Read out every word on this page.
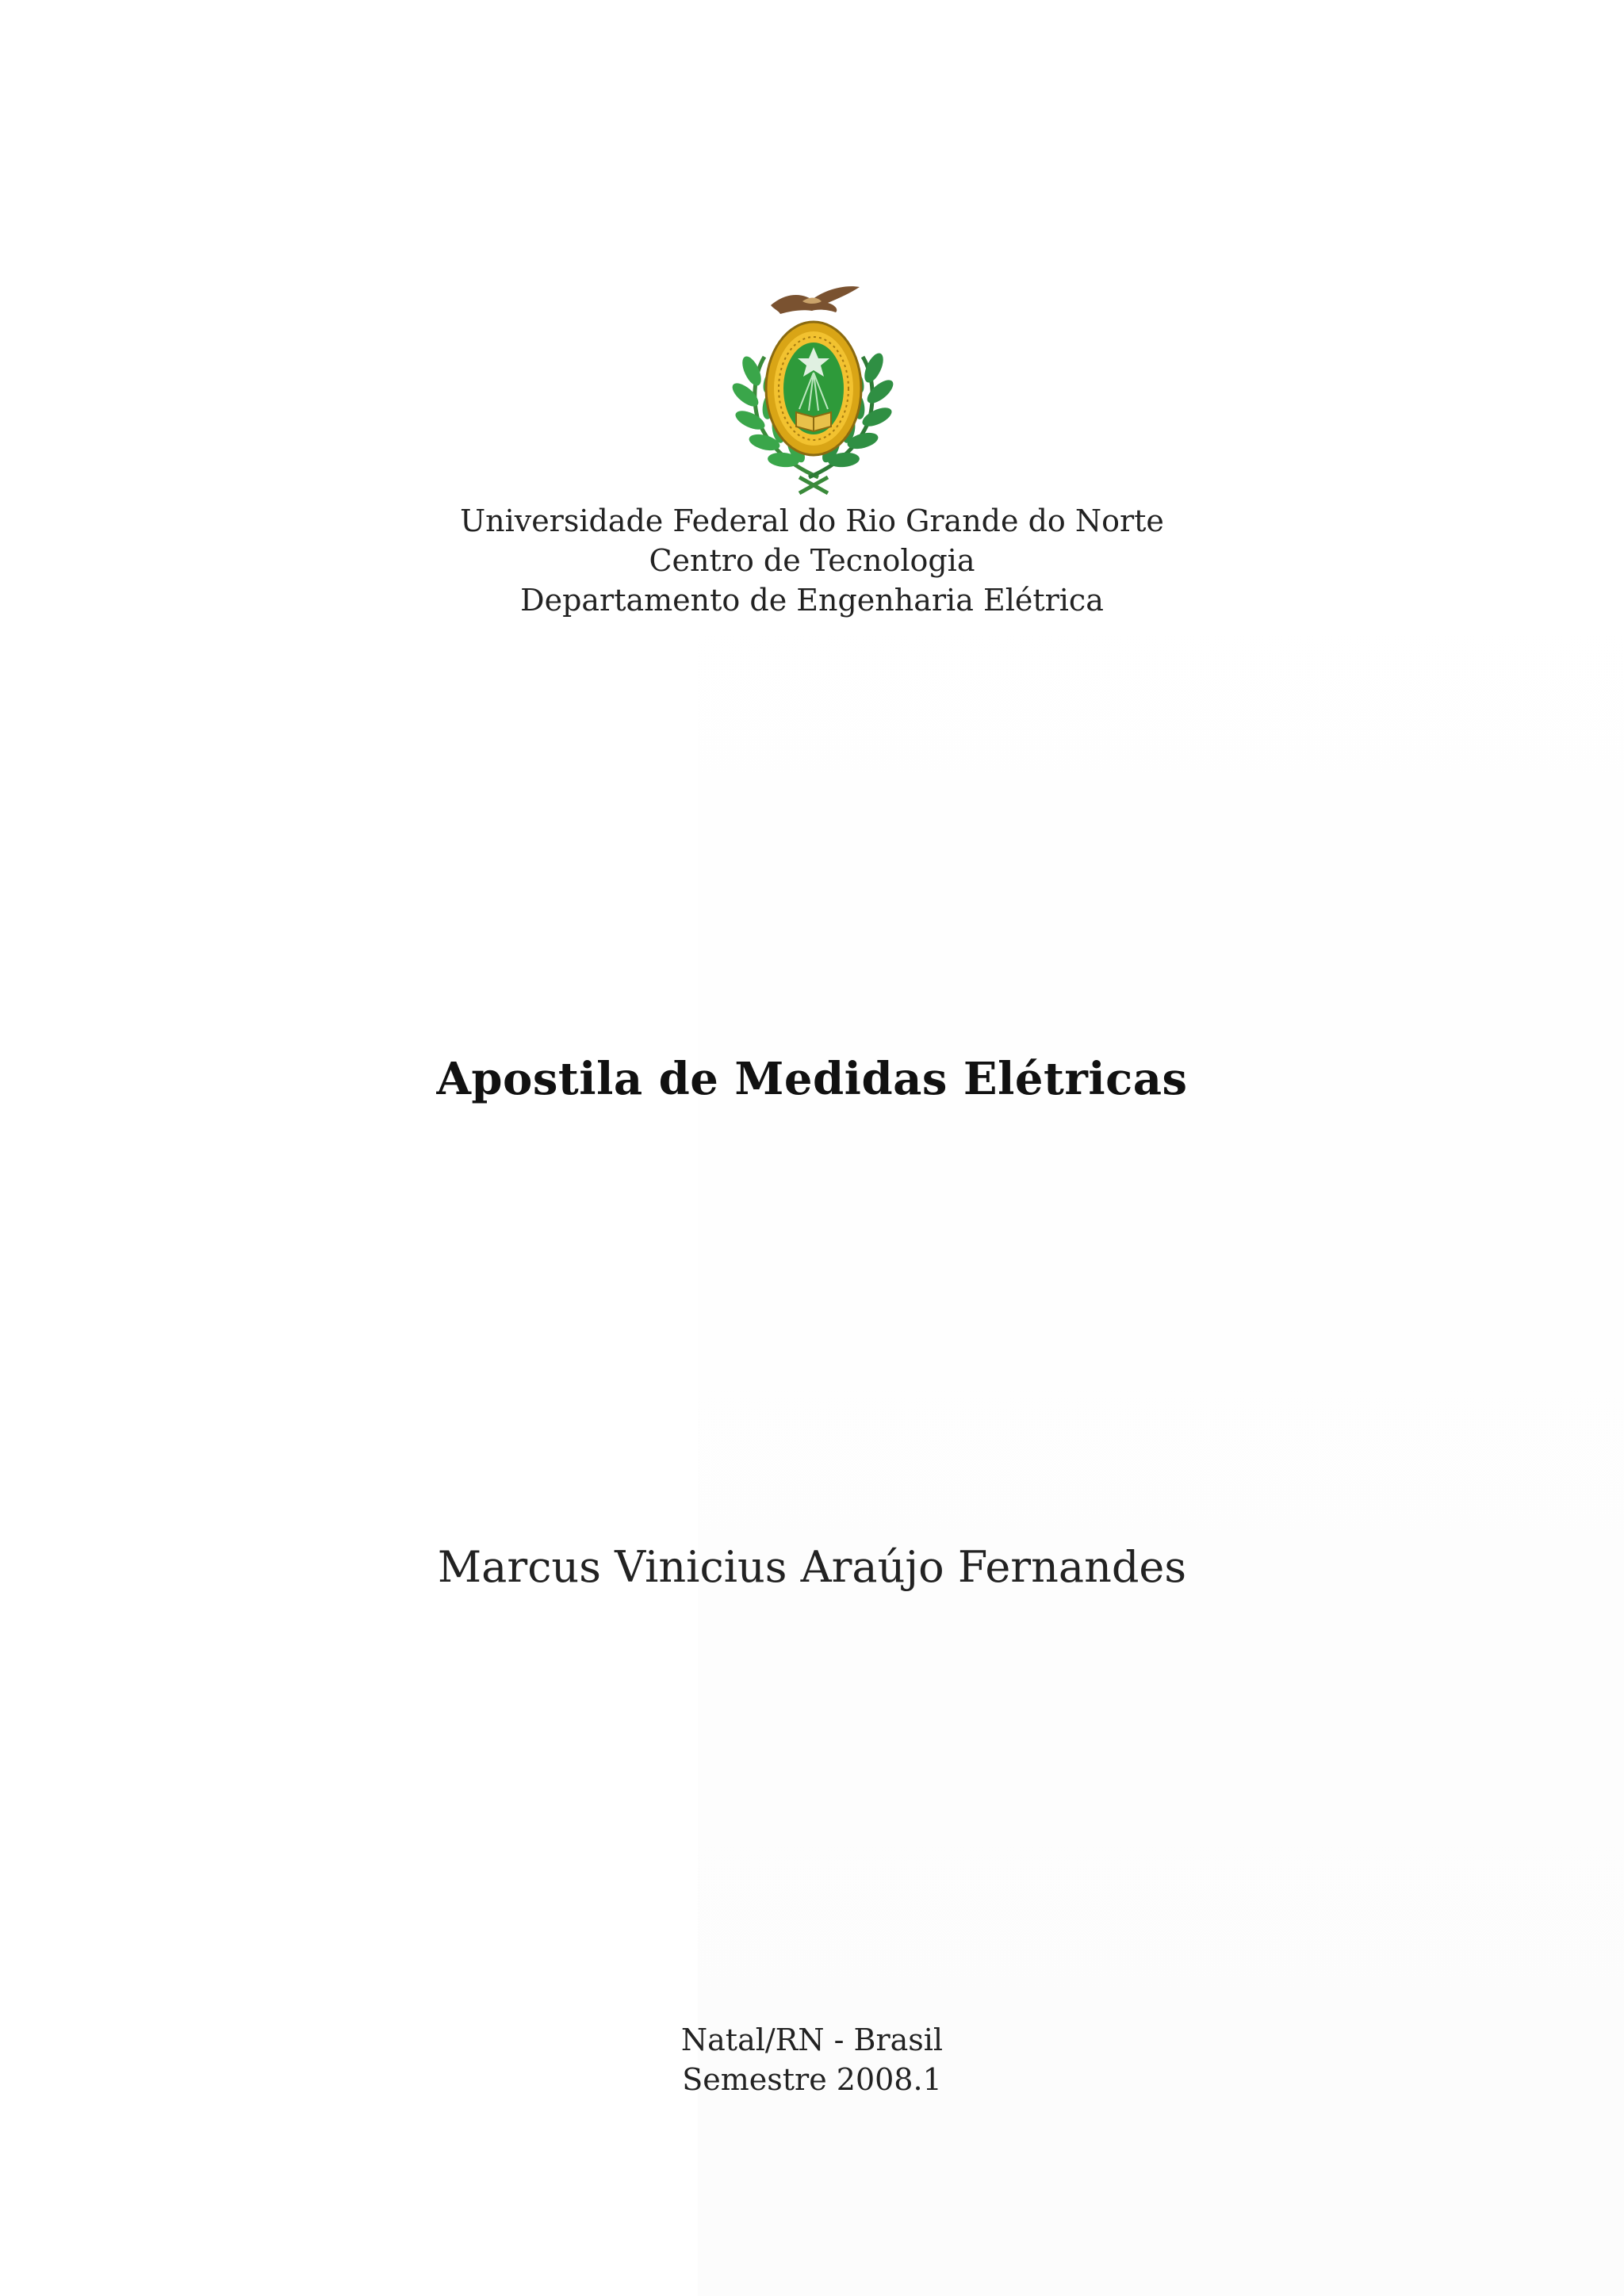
Universidade Federal do Rio Grande do Norte
Centro de Tecnologia
Departamento de Engenharia Elétrica
Apostila de Medidas Elétricas
Marcus Vinicius Araújo Fernandes
Natal/RN - Brasil
Semestre 2008.1
